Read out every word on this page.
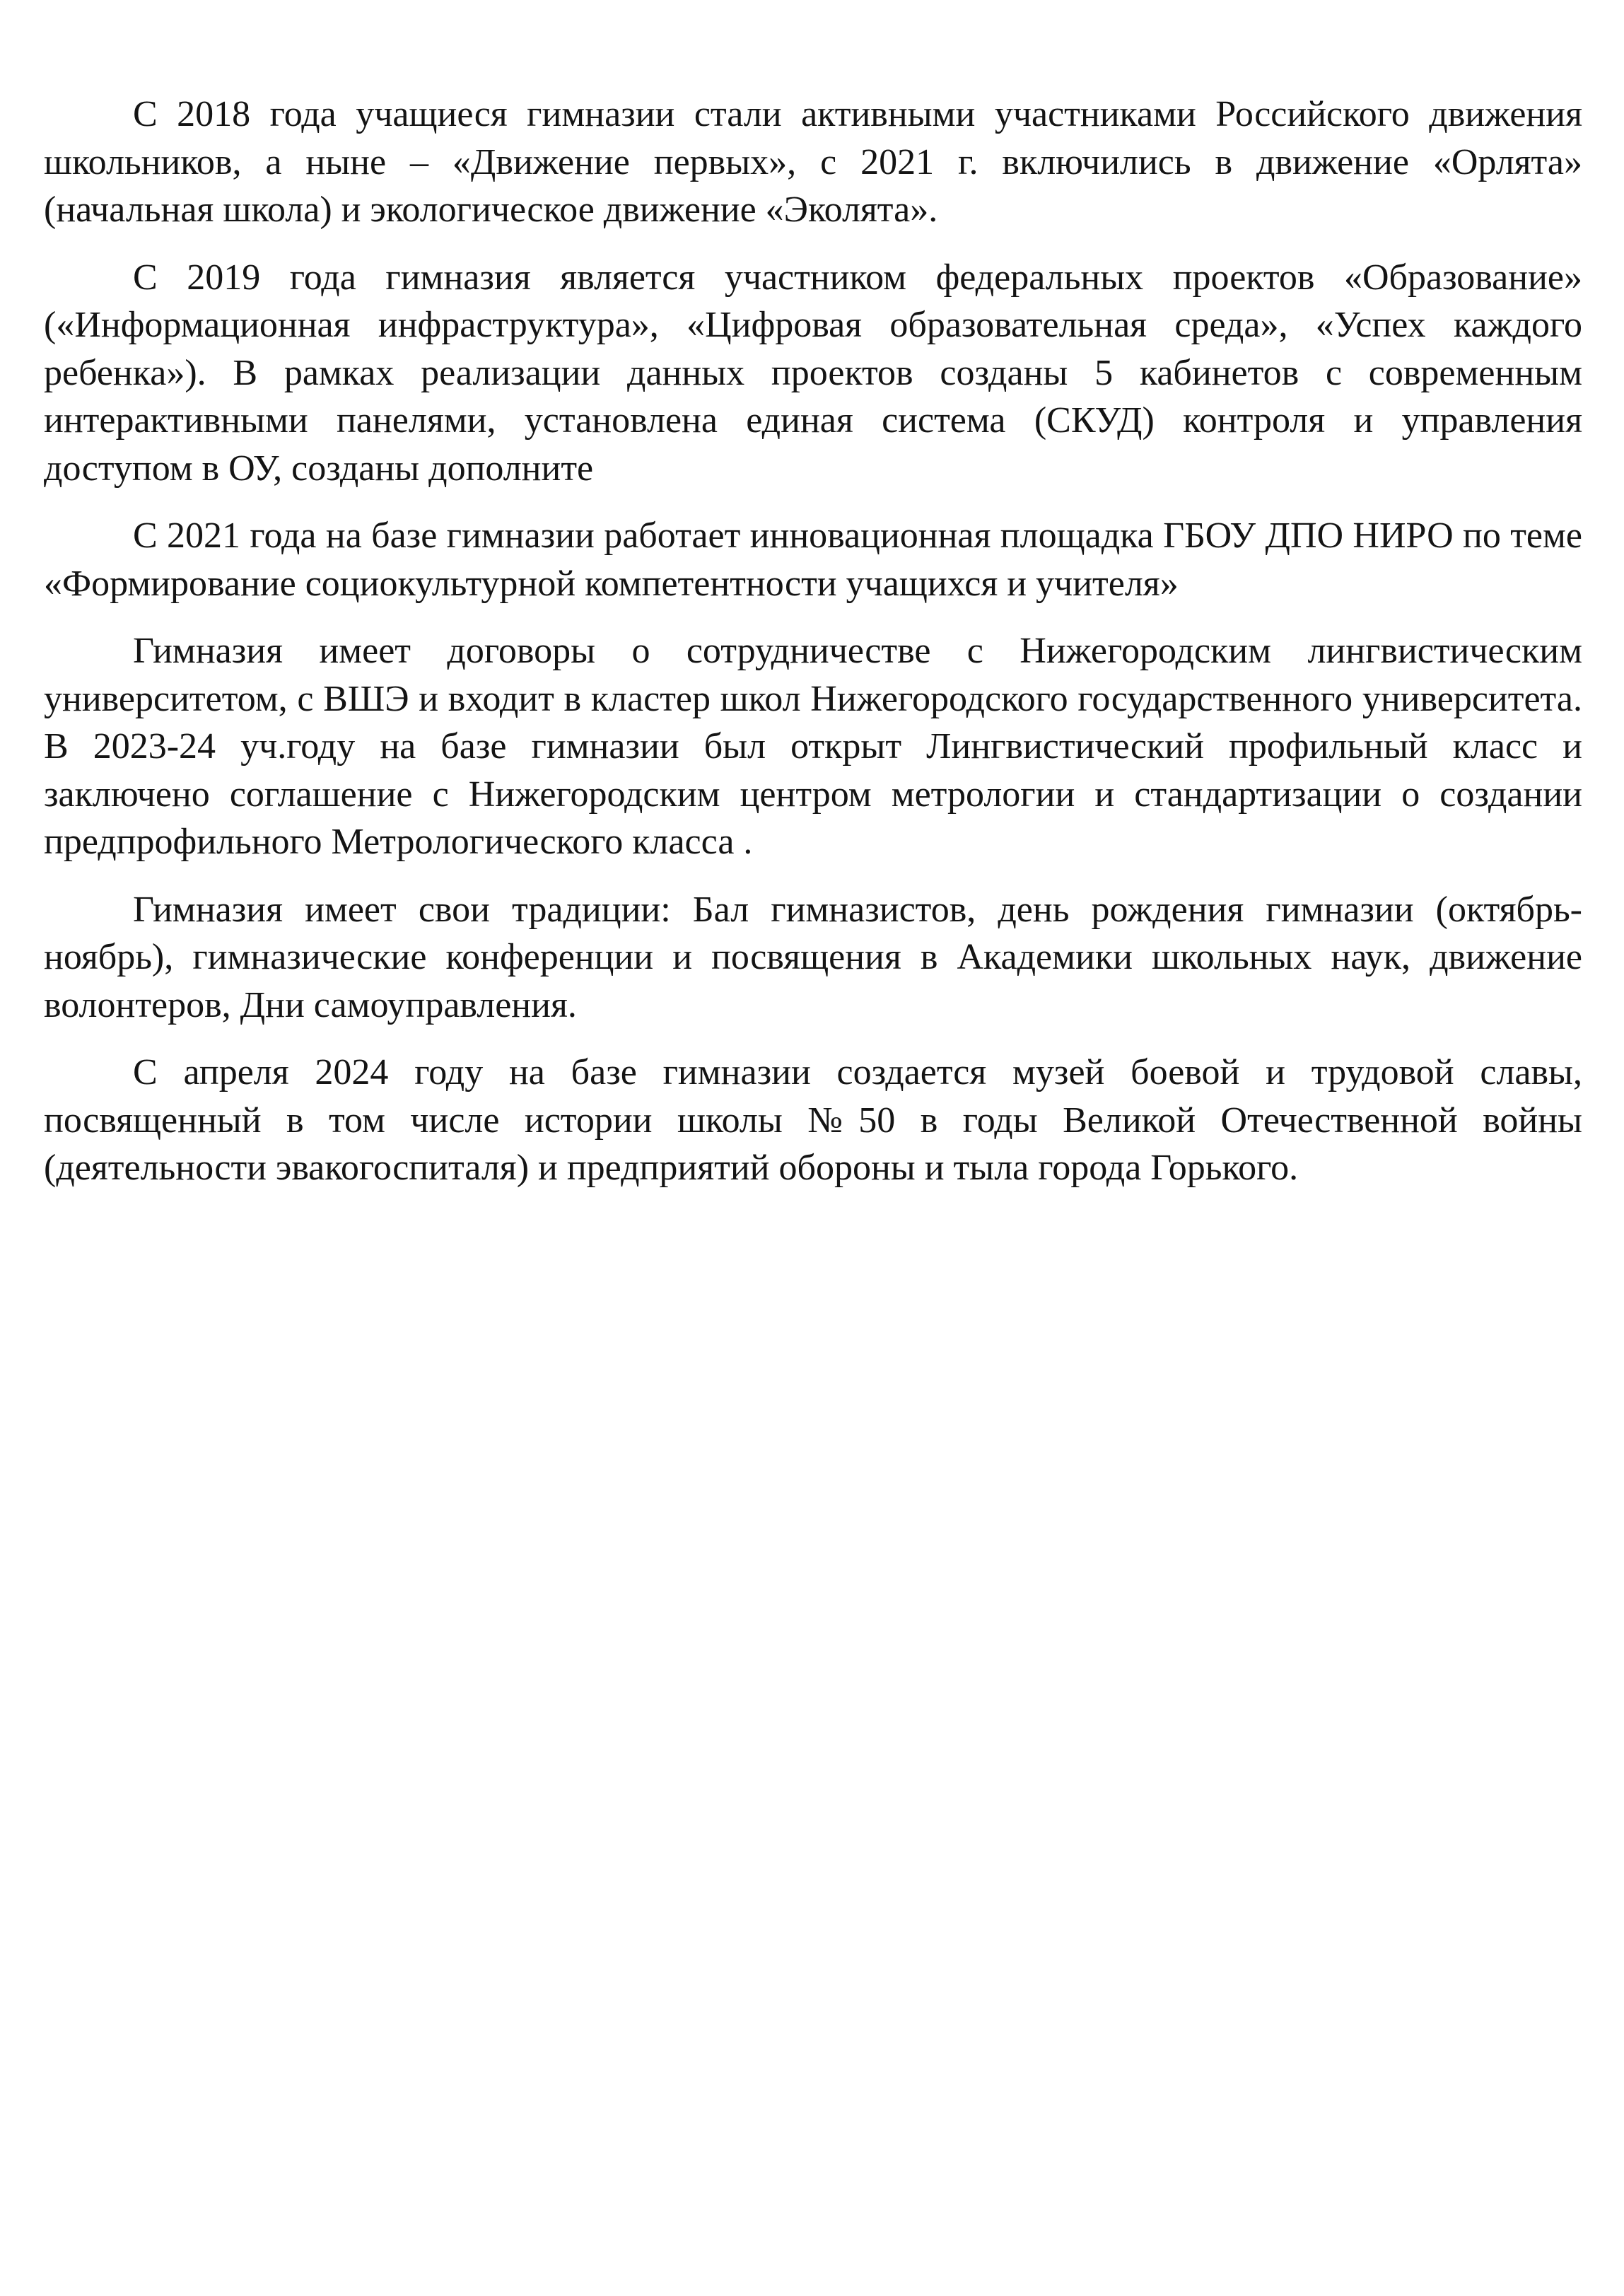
С 2018 года учащиеся гимназии стали активными участниками Российского движения школьников, а ныне – «Движение первых», с 2021 г. включились в движение «Орлята» (начальная школа) и экологическое движение «Эколята».

С 2019 года гимназия является участником федеральных проектов «Образование» («Информационная инфраструктура», «Цифровая образовательная среда», «Успех каждого ребенка»). В рамках реализации данных проектов созданы 5 кабинетов с современным интерактивными панелями, установлена единая система (СКУД) контроля и управления доступом в ОУ, созданы дополните

С 2021 года на базе гимназии работает инновационная площадка ГБОУ ДПО НИРО по теме «Формирование социокультурной компетентности учащихся и учителя»

Гимназия имеет договоры о сотрудничестве с Нижегородским лингвистическим университетом, с ВШЭ и входит в кластер школ Нижегородского государственного университета. В 2023-24 уч.году на базе гимназии был открыт Лингвистический профильный класс и заключено соглашение с Нижегородским центром метрологии и стандартизации о создании предпрофильного Метрологического класса .

Гимназия имеет свои традиции: Бал гимназистов, день рождения гимназии (октябрь-ноябрь), гимназические конференции и посвящения в Академики школьных наук, движение волонтеров, Дни самоуправления.

С апреля 2024 году на базе гимназии создается музей боевой и трудовой славы, посвященный в том числе истории школы №50 в годы Великой Отечественной войны (деятельности эвакогоспиталя) и предприятий обороны и тыла города Горького.
